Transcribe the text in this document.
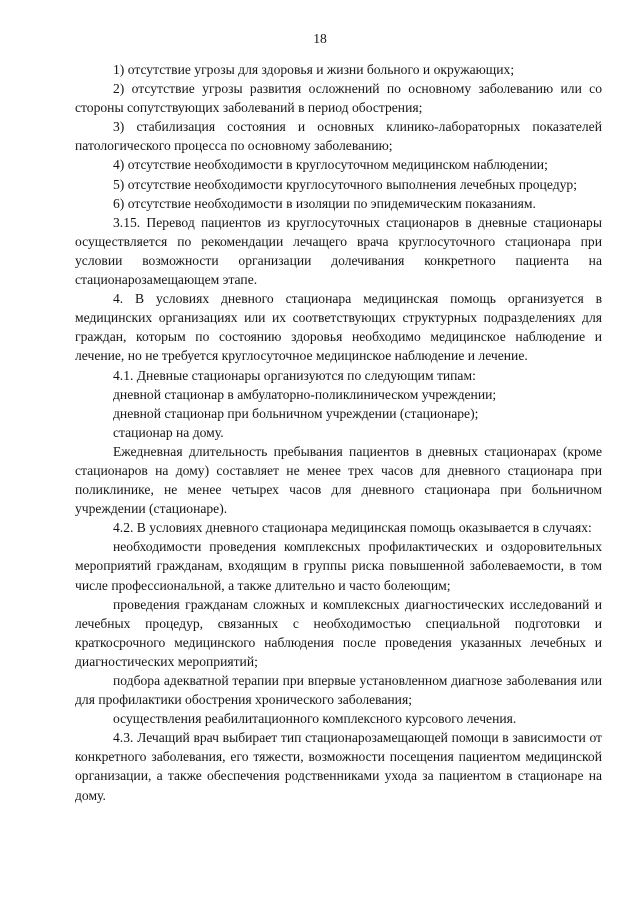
18

1) отсутствие угрозы для здоровья и жизни больного и окружающих;

2) отсутствие угрозы развития осложнений по основному заболеванию или со стороны сопутствующих заболеваний в период обострения;

3) стабилизация состояния и основных клинико-лабораторных показателей патологического процесса по основному заболеванию;

4) отсутствие необходимости в круглосуточном медицинском наблюдении;

5) отсутствие необходимости круглосуточного выполнения лечебных процедур;

6) отсутствие необходимости в изоляции по эпидемическим показаниям.

3.15. Перевод пациентов из круглосуточных стационаров в дневные стационары осуществляется по рекомендации лечащего врача круглосуточного стационара при условии возможности организации долечивания конкретного пациента на стационарозамещающем этапе.

4. В условиях дневного стационара медицинская помощь организуется в медицинских организациях или их соответствующих структурных подразделениях для граждан, которым по состоянию здоровья необходимо медицинское наблюдение и лечение, но не требуется круглосуточное медицинское наблюдение и лечение.

4.1. Дневные стационары организуются по следующим типам:

дневной стационар в амбулаторно-поликлиническом учреждении;

дневной стационар при больничном учреждении (стационаре);

стационар на дому.

Ежедневная длительность пребывания пациентов в дневных стационарах (кроме стационаров на дому) составляет не менее трех часов для дневного стационара при поликлинике, не менее четырех часов для дневного стационара при больничном учреждении (стационаре).

4.2. В условиях дневного стационара медицинская помощь оказывается в случаях:

необходимости проведения комплексных профилактических и оздоровительных мероприятий гражданам, входящим в группы риска повышенной заболеваемости, в том числе профессиональной, а также длительно и часто болеющим;

проведения гражданам сложных и комплексных диагностических исследований и лечебных процедур, связанных с необходимостью специальной подготовки и краткосрочного медицинского наблюдения после проведения указанных лечебных и диагностических мероприятий;

подбора адекватной терапии при впервые установленном диагнозе заболевания или для профилактики обострения хронического заболевания;

осуществления реабилитационного комплексного курсового лечения.

4.3. Лечащий врач выбирает тип стационарозамещающей помощи в зависимости от конкретного заболевания, его тяжести, возможности посещения пациентом медицинской организации, а также обеспечения родственниками ухода за пациентом в стационаре на дому.
